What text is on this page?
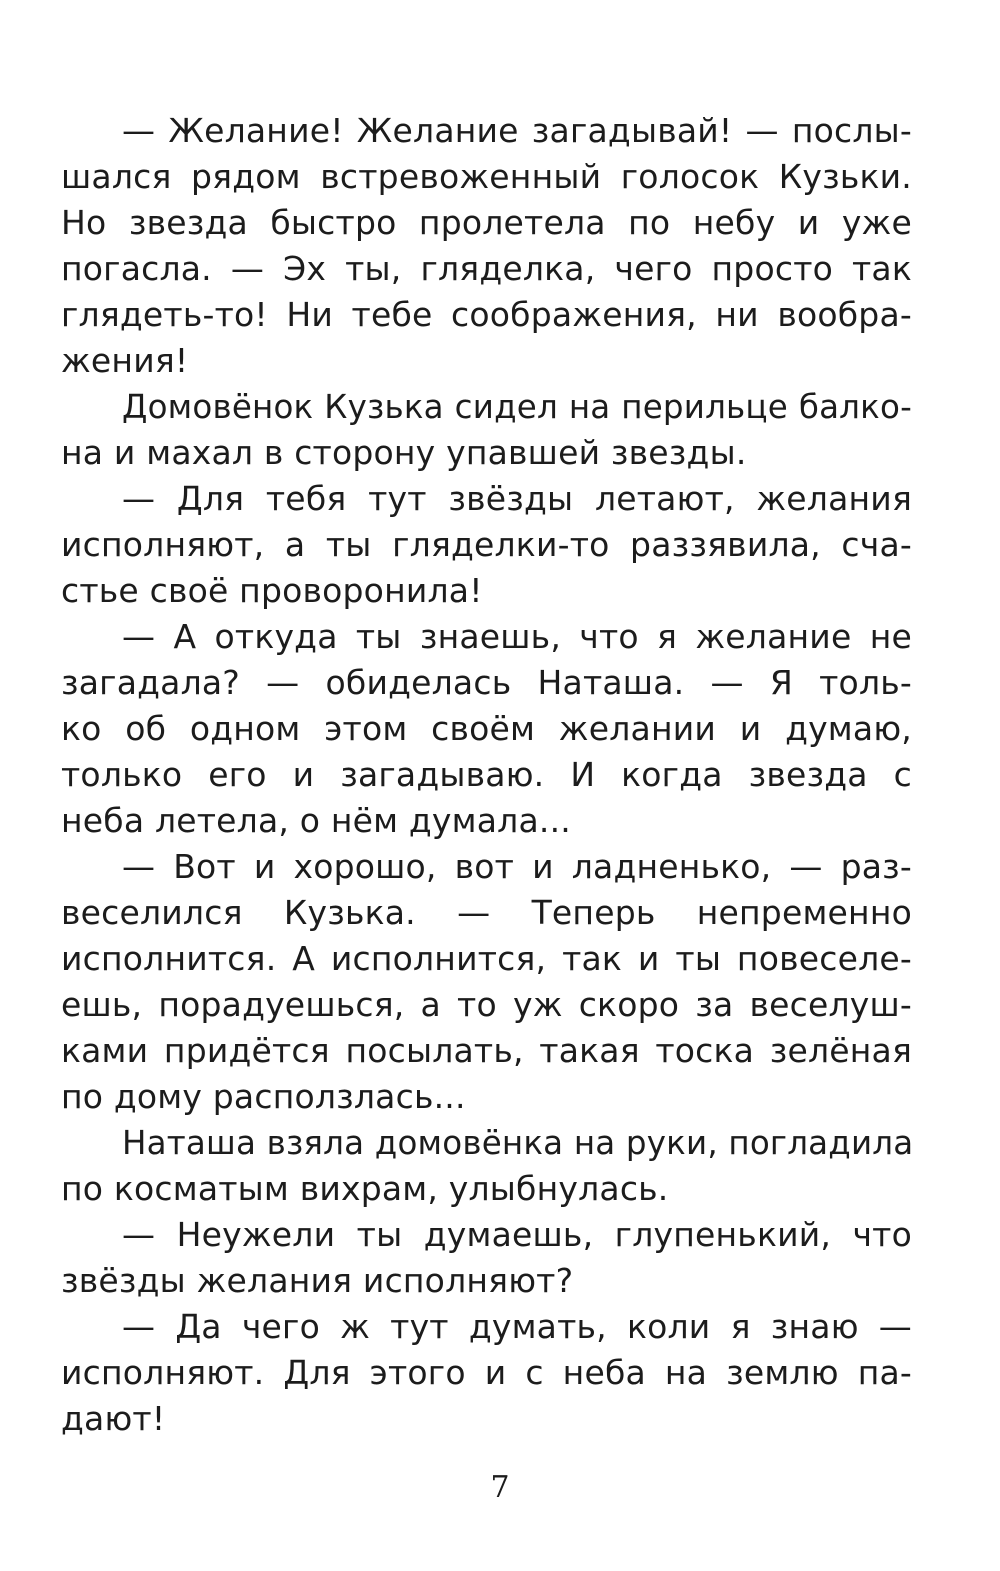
— Желание! Желание загадывай! — послы-
шался рядом встревоженный голосок Кузьки.
Но звезда быстро пролетела по небу и уже
погасла. — Эх ты, гляделка, чего просто так
глядеть-то! Ни тебе соображения, ни вообра-
жения!
Домовёнок Кузька сидел на перильце балко-
на и махал в сторону упавшей звезды.
— Для тебя тут звёзды летают, желания
исполняют, а ты гляделки-то раззявила, сча-
стье своё проворонила!
— А откуда ты знаешь, что я желание не
загадала? — обиделась Наташа. — Я толь-
ко об одном этом своём желании и думаю,
только его и загадываю. И когда звезда с
неба летела, о нём думала...
— Вот и хорошо, вот и ладненько, — раз-
веселился Кузька. — Теперь непременно
исполнится. А исполнится, так и ты повеселе-
ешь, порадуешься, а то уж скоро за веселуш-
ками придётся посылать, такая тоска зелёная
по дому расползлась...
Наташа взяла домовёнка на руки, погладила
по косматым вихрам, улыбнулась.
— Неужели ты думаешь, глупенький, что
звёзды желания исполняют?
— Да чего ж тут думать, коли я знаю —
исполняют. Для этого и с неба на землю па-
дают!
7
